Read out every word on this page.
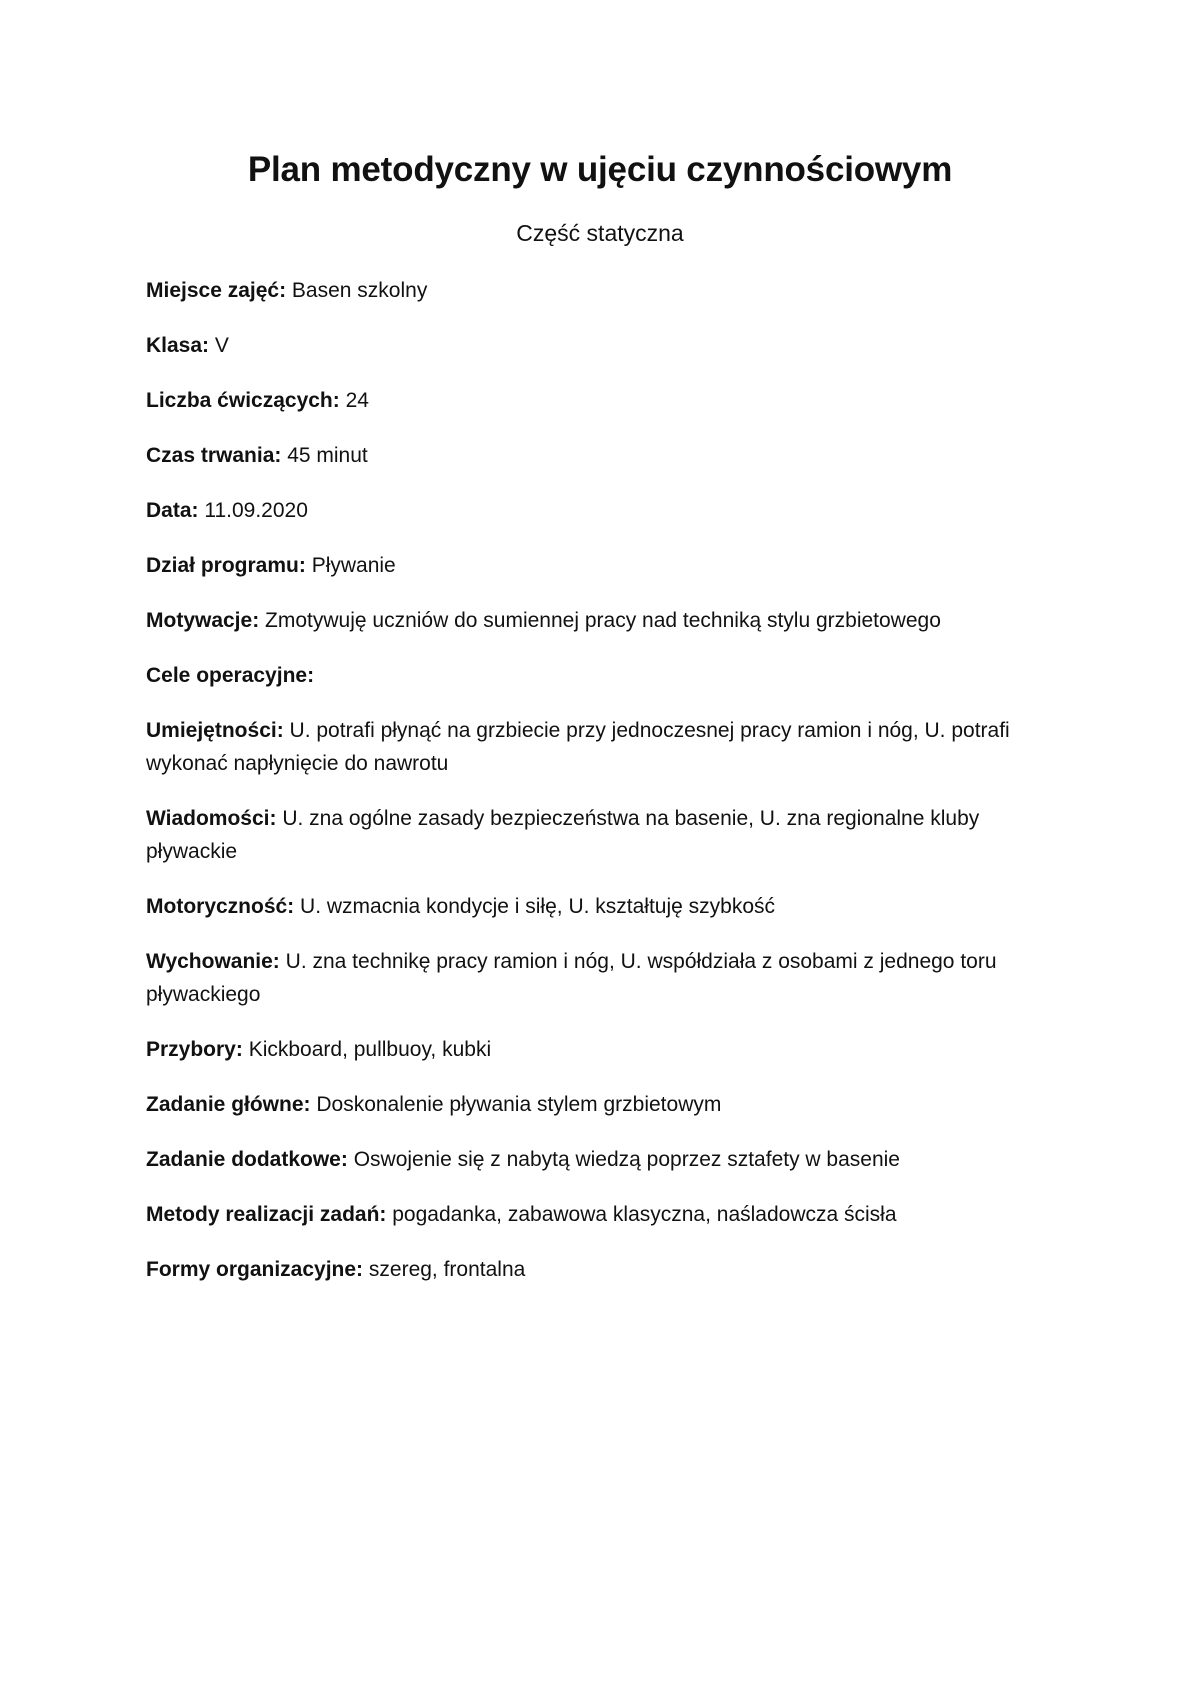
Plan metodyczny w ujęciu czynnościowym
Część statyczna

Miejsce zajęć: Basen szkolny

Klasa: V

Liczba ćwiczących: 24

Czas trwania: 45 minut

Data: 11.09.2020

Dział programu: Pływanie

Motywacje: Zmotywuję uczniów do sumiennej pracy nad techniką stylu grzbietowego

Cele operacyjne:

Umiejętności: U. potrafi płynąć na grzbiecie przy jednoczesnej pracy ramion i nóg, U. potrafi wykonać napłynięcie do nawrotu

Wiadomości: U. zna ogólne zasady bezpieczeństwa na basenie, U. zna regionalne kluby pływackie

Motoryczność: U. wzmacnia kondycje i siłę, U. kształtuję szybkość

Wychowanie: U. zna technikę pracy ramion i nóg, U. współdziała z osobami z jednego toru pływackiego

Przybory: Kickboard, pullbuoy, kubki

Zadanie główne: Doskonalenie pływania stylem grzbietowym

Zadanie dodatkowe: Oswojenie się z nabytą wiedzą poprzez sztafety w basenie

Metody realizacji zadań: pogadanka, zabawowa klasyczna, naśladowcza ścisła

Formy organizacyjne: szereg, frontalna
